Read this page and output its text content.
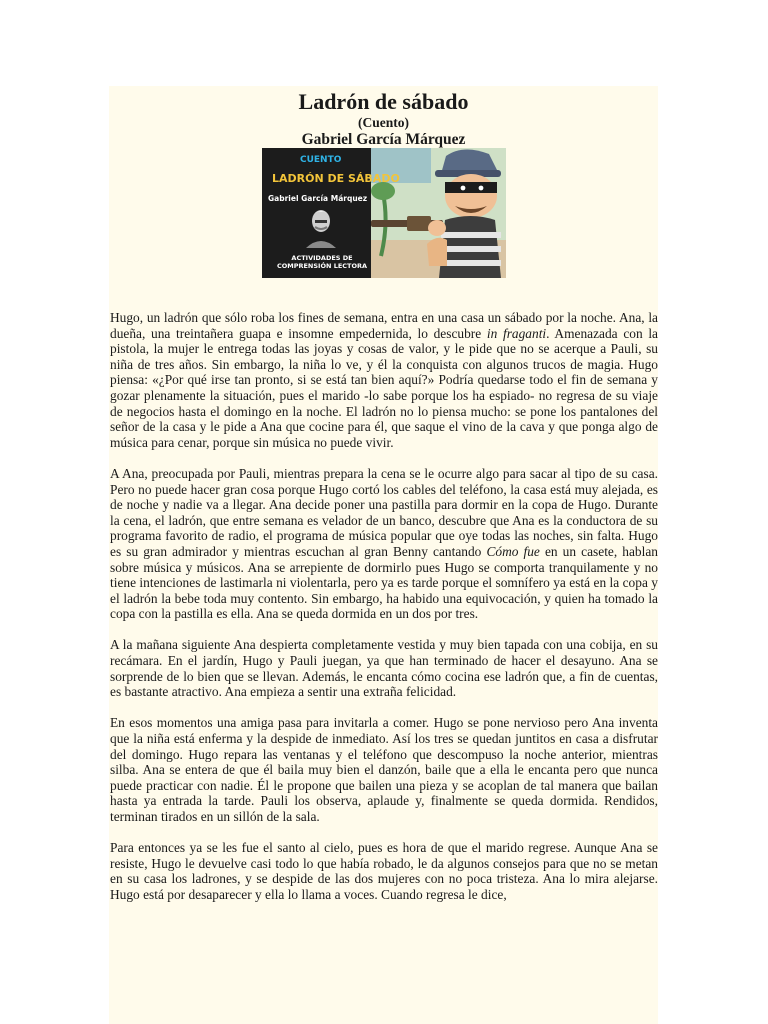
Ladrón de sábado
(Cuento)
Gabriel García Márquez
CUENTO
LADRÓN DE SÁBADO
Gabriel García Márquez
ACTIVIDADES DE
COMPRENSIÓN LECTORA

Hugo, un ladrón que sólo roba los fines de semana, entra en una casa un sábado por la noche. Ana, la dueña, una treintañera guapa e insomne empedernida, lo descubre in fraganti. Amenazada con la pistola, la mujer le entrega todas las joyas y cosas de valor, y le pide que no se acerque a Pauli, su niña de tres años. Sin embargo, la niña lo ve, y él la conquista con algunos trucos de magia. Hugo piensa: «¿Por qué irse tan pronto, si se está tan bien aquí?» Podría quedarse todo el fin de semana y gozar plenamente la situación, pues el marido -lo sabe porque los ha espiado- no regresa de su viaje de negocios hasta el domingo en la noche. El ladrón no lo piensa mucho: se pone los pantalones del señor de la casa y le pide a Ana que cocine para él, que saque el vino de la cava y que ponga algo de música para cenar, porque sin música no puede vivir.

A Ana, preocupada por Pauli, mientras prepara la cena se le ocurre algo para sacar al tipo de su casa. Pero no puede hacer gran cosa porque Hugo cortó los cables del teléfono, la casa está muy alejada, es de noche y nadie va a llegar. Ana decide poner una pastilla para dormir en la copa de Hugo. Durante la cena, el ladrón, que entre semana es velador de un banco, descubre que Ana es la conductora de su programa favorito de radio, el programa de música popular que oye todas las noches, sin falta. Hugo es su gran admirador y mientras escuchan al gran Benny cantando Cómo fue en un casete, hablan sobre música y músicos. Ana se arrepiente de dormirlo pues Hugo se comporta tranquilamente y no tiene intenciones de lastimarla ni violentarla, pero ya es tarde porque el somnífero ya está en la copa y el ladrón la bebe toda muy contento. Sin embargo, ha habido una equivocación, y quien ha tomado la copa con la pastilla es ella. Ana se queda dormida en un dos por tres.

A la mañana siguiente Ana despierta completamente vestida y muy bien tapada con una cobija, en su recámara. En el jardín, Hugo y Pauli juegan, ya que han terminado de hacer el desayuno. Ana se sorprende de lo bien que se llevan. Además, le encanta cómo cocina ese ladrón que, a fin de cuentas, es bastante atractivo. Ana empieza a sentir una extraña felicidad.

En esos momentos una amiga pasa para invitarla a comer. Hugo se pone nervioso pero Ana inventa que la niña está enferma y la despide de inmediato. Así los tres se quedan juntitos en casa a disfrutar del domingo. Hugo repara las ventanas y el teléfono que descompuso la noche anterior, mientras silba. Ana se entera de que él baila muy bien el danzón, baile que a ella le encanta pero que nunca puede practicar con nadie. Él le propone que bailen una pieza y se acoplan de tal manera que bailan hasta ya entrada la tarde. Pauli los observa, aplaude y, finalmente se queda dormida. Rendidos, terminan tirados en un sillón de la sala.

Para entonces ya se les fue el santo al cielo, pues es hora de que el marido regrese. Aunque Ana se resiste, Hugo le devuelve casi todo lo que había robado, le da algunos consejos para que no se metan en su casa los ladrones, y se despide de las dos mujeres con no poca tristeza. Ana lo mira alejarse. Hugo está por desaparecer y ella lo llama a voces. Cuando regresa le dice,
